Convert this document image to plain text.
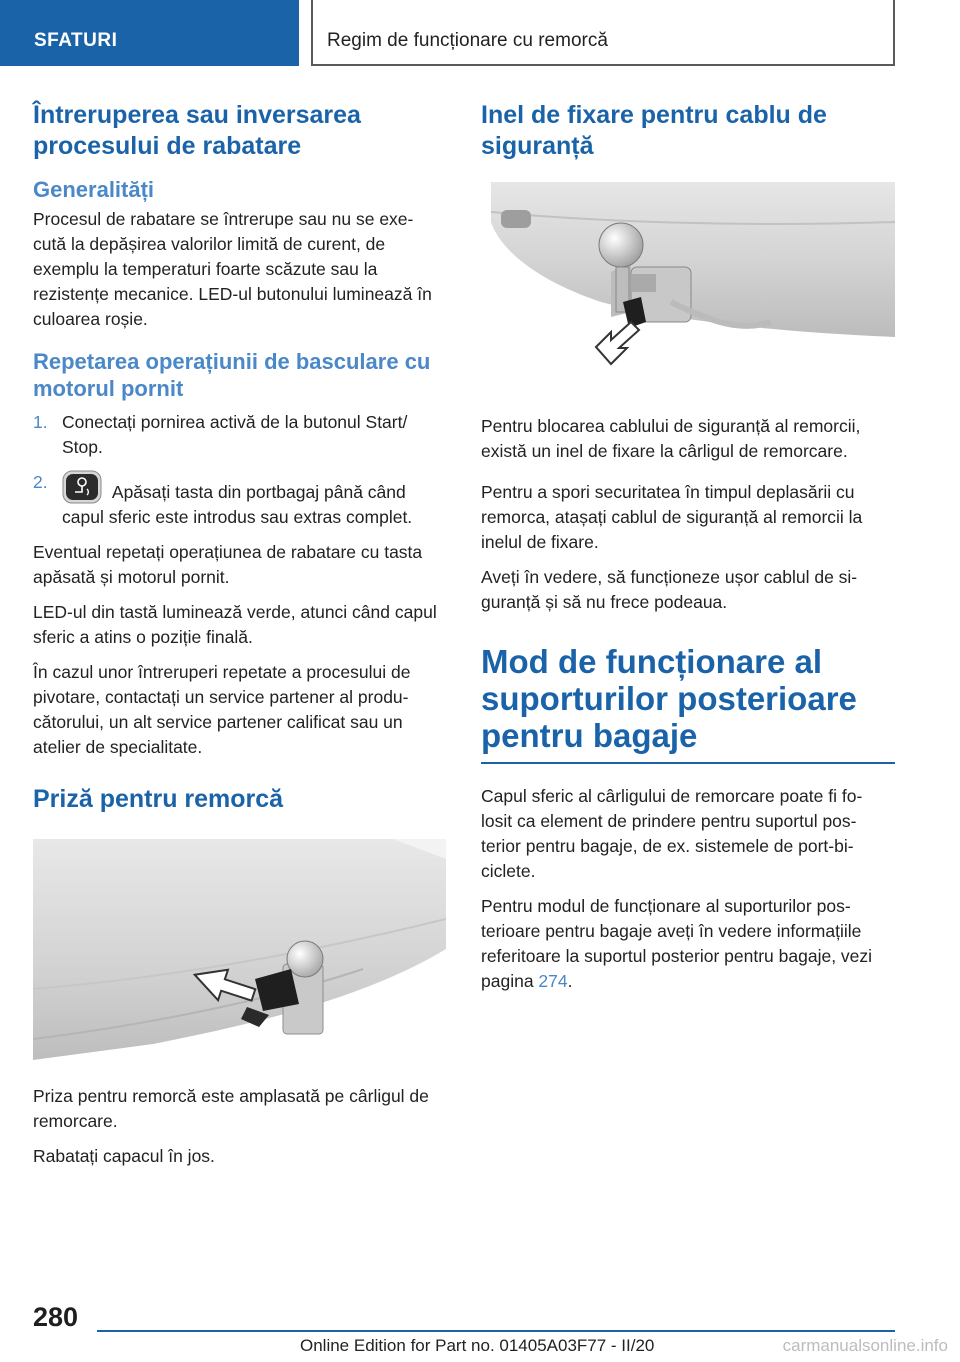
SFATURI	Regim de funcționare cu remorcă
Întreruperea sau inversarea procesului de rabatare
Generalități

Procesul de rabatare se întrerupe sau nu se exe‐ cută la depășirea valorilor limită de curent, de exemplu la temperaturi foarte scăzute sau la rezistențe mecanice. LED-ul butonului luminează în culoarea roșie.

Repetarea operațiunii de basculare cu motorul pornit
1. Conectați pornirea activă de la butonul Start/ Stop.
2.	Apăsați tasta din portbagaj până când capul sferic este introdus sau extras complet.

Eventual repetați operațiunea de rabatare cu tasta apăsată și motorul pornit.

LED-ul din tastă luminează verde, atunci când capul sferic a atins o poziție finală.

În cazul unor întreruperi repetate a procesului de pivotare, contactați un service partener al produ‐ cătorului, un alt service partener calificat sau un atelier de specialitate.

Priză pentru remorcă

Priza pentru remorcă este amplasată pe cârligul de remorcare.

Rabatați capacul în jos.

Inel de fixare pentru cablu de siguranță

Pentru blocarea cablului de siguranță al remorcii, există un inel de fixare la cârligul de remorcare.

Pentru a spori securitatea în timpul deplasării cu remorca, atașați cablul de siguranță al remorcii la inelul de fixare.

Aveți în vedere, să funcționeze ușor cablul de si‐ guranță și să nu frece podeaua.

Mod de funcționare al suporturilor posterioare pentru bagaje

Capul sferic al cârligului de remorcare poate fi fo‐ losit ca element de prindere pentru suportul pos‐ terior pentru bagaje, de ex. sistemele de port-bi‐ ciclete.

Pentru modul de funcționare al suporturilor pos‐ terioare pentru bagaje aveți în vedere informațiile referitoare la suportul posterior pentru bagaje, vezi pagina 274.

280
Online Edition for Part no. 01405A03F77 - II/20	carmanualsonline.info
